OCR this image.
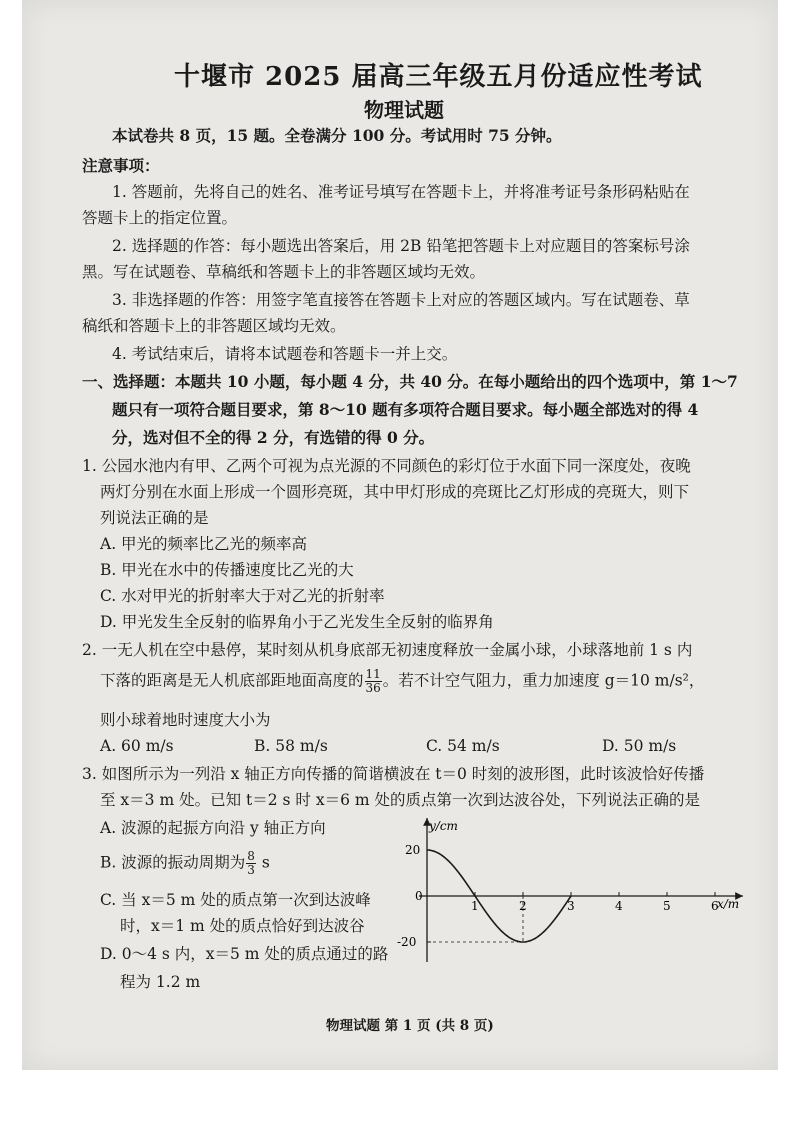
十堰市 2025 届高三年级五月份适应性考试
物理试题
本试卷共 8 页，15 题。全卷满分 100 分。考试用时 75 分钟。
注意事项：
1. 答题前，先将自己的姓名、准考证号填写在答题卡上，并将准考证号条形码粘贴在
答题卡上的指定位置。
2. 选择题的作答：每小题选出答案后，用 2B 铅笔把答题卡上对应题目的答案标号涂
黑。写在试题卷、草稿纸和答题卡上的非答题区域均无效。
3. 非选择题的作答：用签字笔直接答在答题卡上对应的答题区域内。写在试题卷、草
稿纸和答题卡上的非答题区域均无效。
4. 考试结束后，请将本试题卷和答题卡一并上交。
一、选择题：本题共 10 小题，每小题 4 分，共 40 分。在每小题给出的四个选项中，第 1～7
题只有一项符合题目要求，第 8～10 题有多项符合题目要求。每小题全部选对的得 4
分，选对但不全的得 2 分，有选错的得 0 分。
1. 公园水池内有甲、乙两个可视为点光源的不同颜色的彩灯位于水面下同一深度处，夜晚
两灯分别在水面上形成一个圆形亮斑，其中甲灯形成的亮斑比乙灯形成的亮斑大，则下
列说法正确的是
A. 甲光的频率比乙光的频率高
B. 甲光在水中的传播速度比乙光的大
C. 水对甲光的折射率大于对乙光的折射率
D. 甲光发生全反射的临界角小于乙光发生全反射的临界角
2. 一无人机在空中悬停，某时刻从机身底部无初速度释放一金属小球，小球落地前 1 s 内
下落的距离是无人机底部距地面高度的 $\frac{11}{36}$ 。若不计空气阻力，重力加速度 g＝10 m/s²，
则小球着地时速度大小为
A. 60 m/s	B. 58 m/s	C. 54 m/s	D. 50 m/s
3. 如图所示为一列沿 x 轴正方向传播的简谐横波在 t＝0 时刻的波形图，此时该波恰好传播
至 x＝3 m 处。已知 t＝2 s 时 x＝6 m 处的质点第一次到达波谷处，下列说法正确的是
A. 波源的起振方向沿 y 轴正方向
B. 波源的振动周期为 $\frac{8}{3}$ s
C. 当 x＝5 m 处的质点第一次到达波峰
时，x＝1 m 处的质点恰好到达波谷
D. 0～4 s 内，x＝5 m 处的质点通过的路
程为 1.2 m
y/cm
x/m
0
1	2	3	4	5	6
20
-20
物理试题 第 1 页 (共 8 页)
